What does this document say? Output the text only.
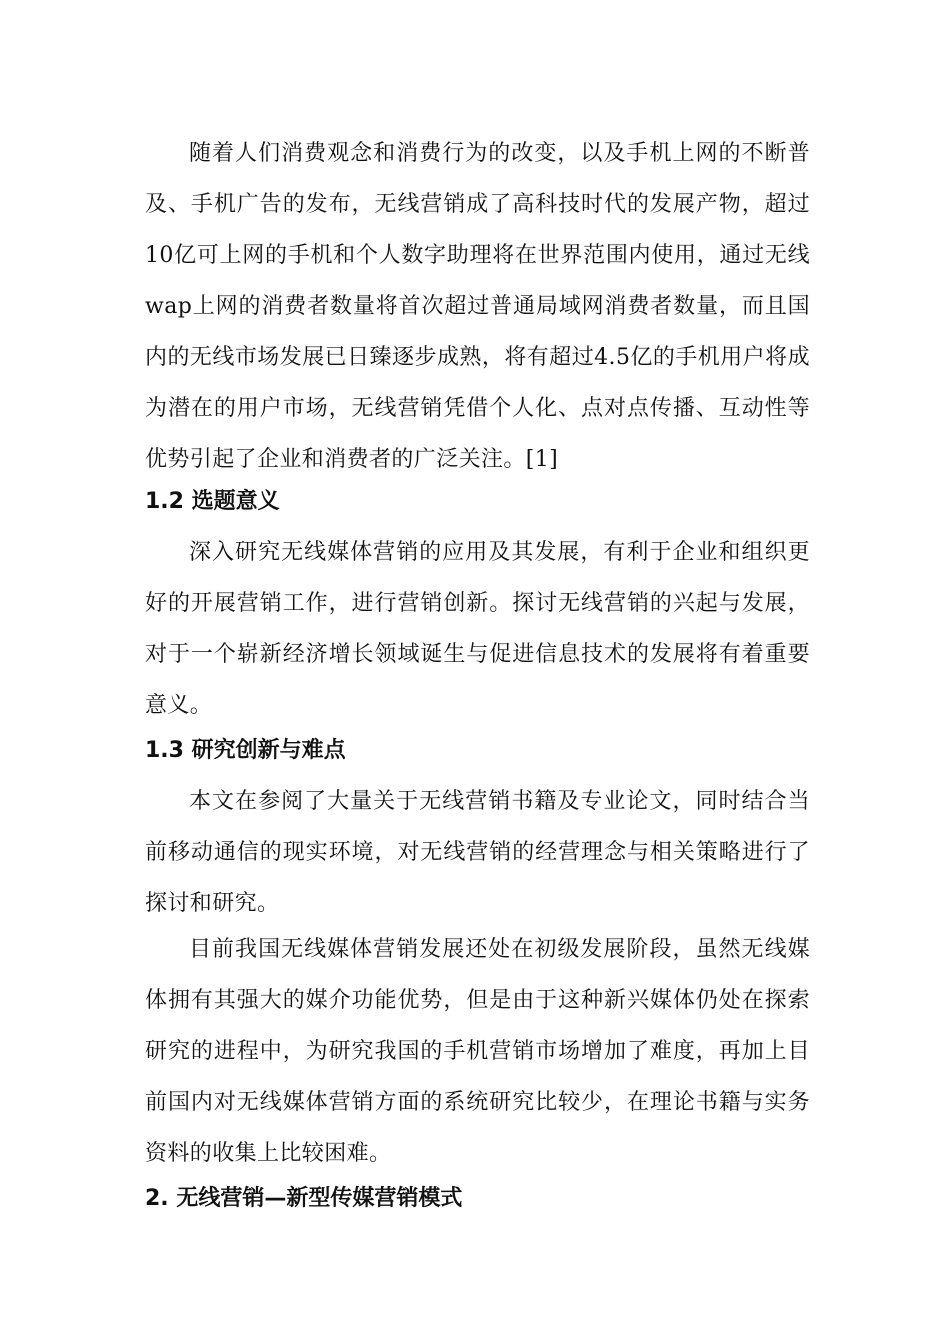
随着人们消费观念和消费行为的改变，以及手机上网的不断普及、手机广告的发布，无线营销成了高科技时代的发展产物，超过10亿可上网的手机和个人数字助理将在世界范围内使用，通过无线wap上网的消费者数量将首次超过普通局域网消费者数量，而且国内的无线市场发展已日臻逐步成熟，将有超过4.5亿的手机用户将成为潜在的用户市场，无线营销凭借个人化、点对点传播、互动性等优势引起了企业和消费者的广泛关注。[1]

1.2 选题意义

深入研究无线媒体营销的应用及其发展，有利于企业和组织更好的开展营销工作，进行营销创新。探讨无线营销的兴起与发展，对于一个崭新经济增长领域诞生与促进信息技术的发展将有着重要意义。

1.3 研究创新与难点

本文在参阅了大量关于无线营销书籍及专业论文，同时结合当前移动通信的现实环境，对无线营销的经营理念与相关策略进行了探讨和研究。

目前我国无线媒体营销发展还处在初级发展阶段，虽然无线媒体拥有其强大的媒介功能优势，但是由于这种新兴媒体仍处在探索研究的进程中，为研究我国的手机营销市场增加了难度，再加上目前国内对无线媒体营销方面的系统研究比较少，在理论书籍与实务资料的收集上比较困难。

2. 无线营销—新型传媒营销模式
